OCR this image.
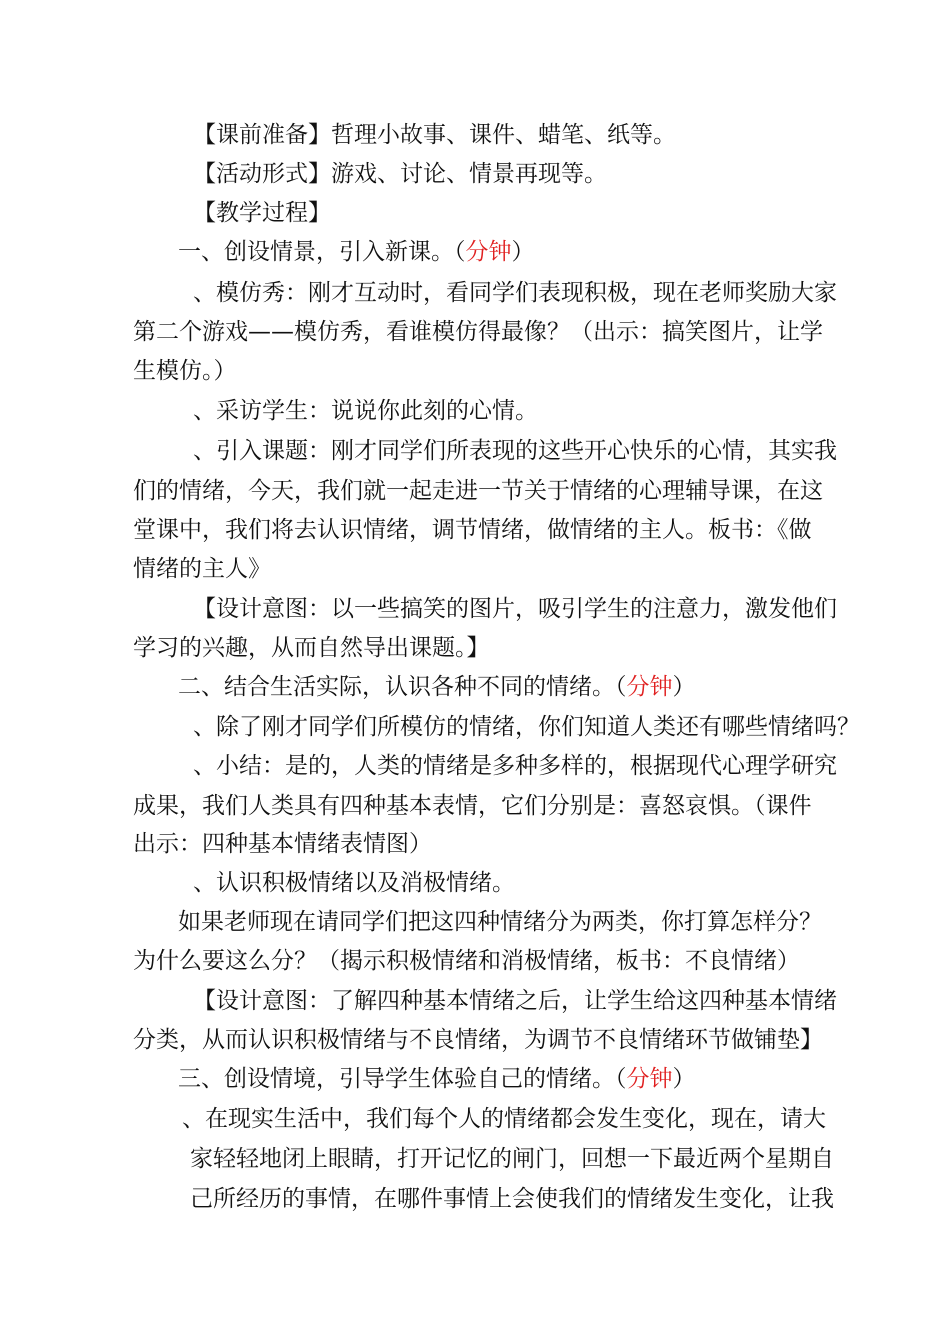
【课前准备】哲理小故事、课件、蜡笔、纸等。
【活动形式】游戏、讨论、情景再现等。
【教学过程】
一、创设情景，引入新课。（分钟）
、模仿秀：刚才互动时，看同学们表现积极，现在老师奖励大家
第二个游戏——模仿秀，看谁模仿得最像？（出示：搞笑图片，让学
生模仿。）
、采访学生：说说你此刻的心情。
、引入课题：刚才同学们所表现的这些开心快乐的心情，其实我
们的情绪，今天，我们就一起走进一节关于情绪的心理辅导课，在这
堂课中，我们将去认识情绪，调节情绪，做情绪的主人。板书：《做
情绪的主人》
【设计意图：以一些搞笑的图片，吸引学生的注意力，激发他们
学习的兴趣，从而自然导出课题。】
二、结合生活实际，认识各种不同的情绪。（分钟）
、除了刚才同学们所模仿的情绪，你们知道人类还有哪些情绪吗？
、小结：是的，人类的情绪是多种多样的，根据现代心理学研究
成果，我们人类具有四种基本表情，它们分别是：喜怒哀惧。（课件
出示：四种基本情绪表情图）
、认识积极情绪以及消极情绪。
如果老师现在请同学们把这四种情绪分为两类，你打算怎样分？
为什么要这么分？（揭示积极情绪和消极情绪，板书：不良情绪）
【设计意图：了解四种基本情绪之后，让学生给这四种基本情绪
分类，从而认识积极情绪与不良情绪，为调节不良情绪环节做铺垫】
三、创设情境，引导学生体验自己的情绪。（分钟）
、在现实生活中，我们每个人的情绪都会发生变化，现在，请大
家轻轻地闭上眼睛，打开记忆的闸门，回想一下最近两个星期自
己所经历的事情，在哪件事情上会使我们的情绪发生变化，让我
